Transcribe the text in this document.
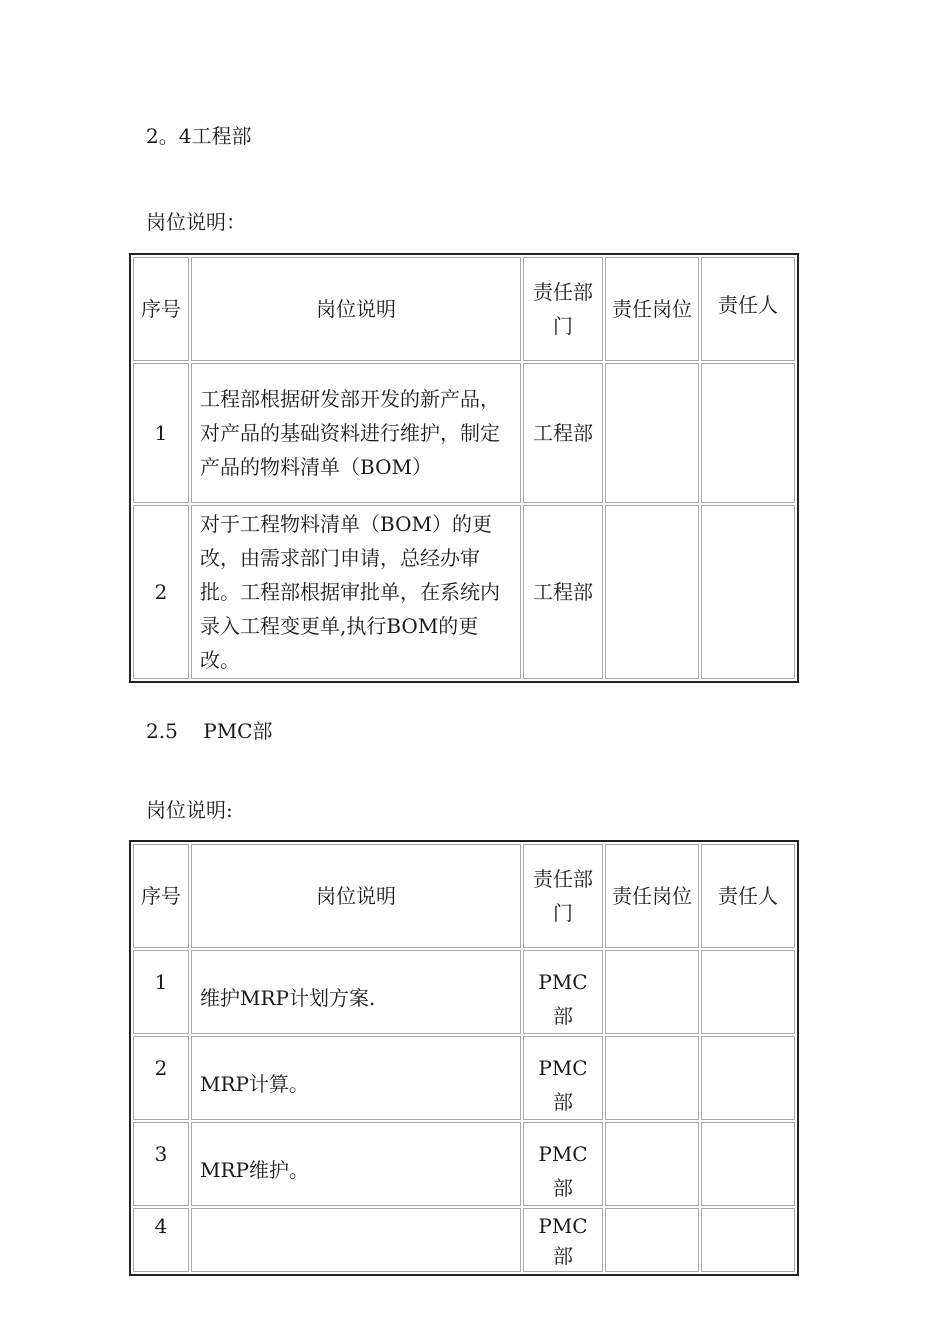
2。4工程部
岗位说明：
序号	岗位说明	责任部门	责任岗位	责任人
1	工程部根据研发部开发的新产品，对产品的基础资料进行维护，制定产品的物料清单（BOM）	工程部		
2	对于工程物料清单（BOM）的更改，由需求部门申请，总经办审批。工程部根据审批单，在系统内录入工程变更单,执行BOM的更改。	工程部		
2.5    PMC部
岗位说明:
序号	岗位说明	责任部门	责任岗位	责任人
1	维护MRP计划方案.	PMC部		
2	MRP计算。	PMC部		
3	MRP维护。	PMC部		
4		PMC部		
